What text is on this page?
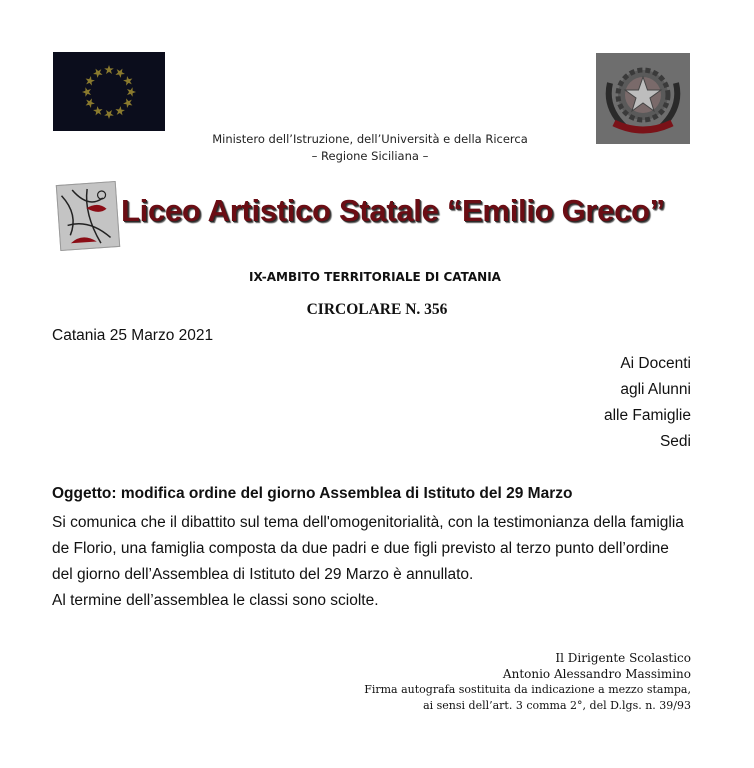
Ministero dell’Istruzione, dell’Università e della Ricerca
– Regione Siciliana –
Liceo Artistico Statale “Emilio Greco”
IX-AMBITO TERRITORIALE DI CATANIA
CIRCOLARE N. 356
Catania 25 Marzo 2021
Ai Docenti
agli Alunni
alle Famiglie
Sedi
Oggetto: modifica ordine del giorno Assemblea di Istituto del 29 Marzo

Si comunica che il dibattito sul tema dell'omogenitorialità, con la testimonianza della famiglia

de Florio, una famiglia composta da due padri e due figli previsto al terzo punto dell’ordine

del giorno dell’Assemblea di Istituto del 29 Marzo è annullato.

Al termine dell’assemblea le classi sono sciolte.

Il Dirigente Scolastico
Antonio Alessandro Massimino
Firma autografa sostituita da indicazione a mezzo stampa,
ai sensi dell’art. 3 comma 2°, del D.lgs. n. 39/93
